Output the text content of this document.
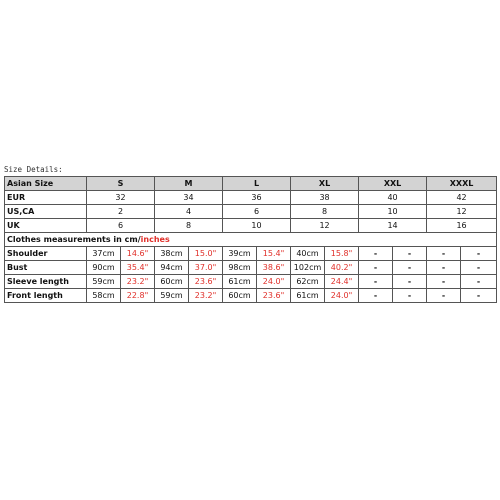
Size Details:
Asian Size	S		M		L		XL		XXL		XXXL	
EUR	32		34		36		38		40		42	
US,CA	2		4		6		8		10		12	
UK	6		8		10		12		14		16	
Clothes measurements in cm/inches												
Shoulder	37cm	14.6"	38cm	15.0"	39cm	15.4"	40cm	15.8"	-	-	-	-
Bust	90cm	35.4"	94cm	37.0"	98cm	38.6"	102cm	40.2"	-	-	-	-
Sleeve length	59cm	23.2"	60cm	23.6"	61cm	24.0"	62cm	24.4"	-	-	-	-
Front length	58cm	22.8"	59cm	23.2"	60cm	23.6"	61cm	24.0"	-	-	-	-
